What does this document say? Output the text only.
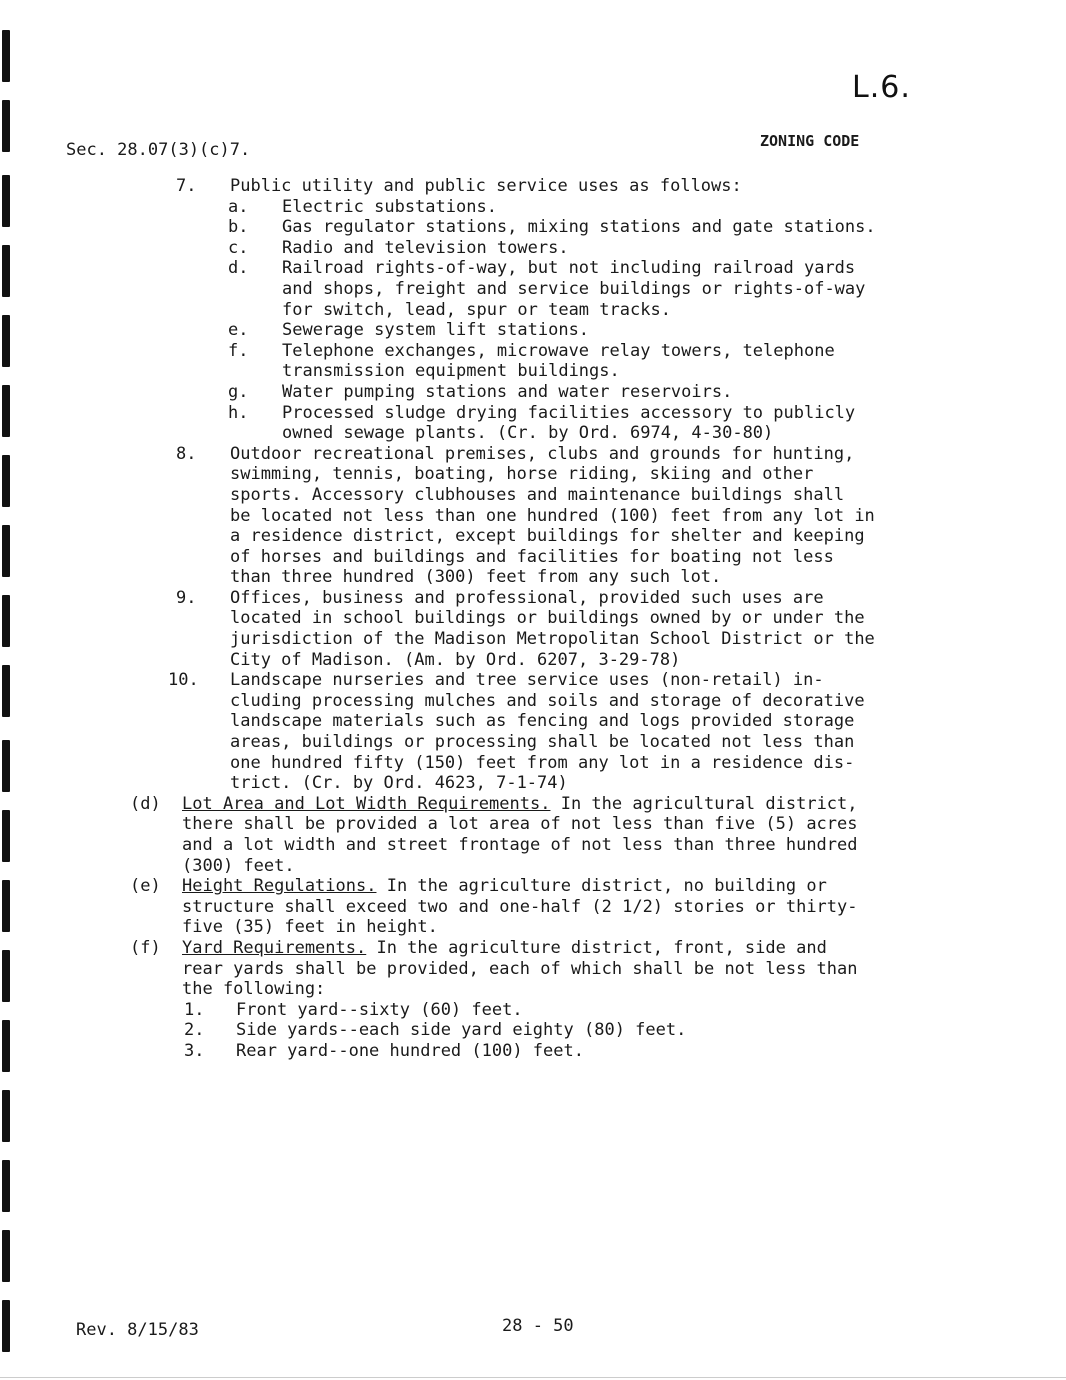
L.6.
Sec. 28.07(3)(c)7.	ZONING CODE
7. Public utility and public service uses as follows:
a. Electric substations.
b. Gas regulator stations, mixing stations and gate stations.
c. Radio and television towers.
d. Railroad rights-of-way, but not including railroad yards
and shops, freight and service buildings or rights-of-way
for switch, lead, spur or team tracks.
e. Sewerage system lift stations.
f. Telephone exchanges, microwave relay towers, telephone
transmission equipment buildings.
g. Water pumping stations and water reservoirs.
h. Processed sludge drying facilities accessory to publicly
owned sewage plants. (Cr. by Ord. 6974, 4-30-80)
8. Outdoor recreational premises, clubs and grounds for hunting,
swimming, tennis, boating, horse riding, skiing and other
sports. Accessory clubhouses and maintenance buildings shall
be located not less than one hundred (100) feet from any lot in
a residence district, except buildings for shelter and keeping
of horses and buildings and facilities for boating not less
than three hundred (300) feet from any such lot.
9. Offices, business and professional, provided such uses are
located in school buildings or buildings owned by or under the
jurisdiction of the Madison Metropolitan School District or the
City of Madison. (Am. by Ord. 6207, 3-29-78)
10. Landscape nurseries and tree service uses (non-retail) in-
cluding processing mulches and soils and storage of decorative
landscape materials such as fencing and logs provided storage
areas, buildings or processing shall be located not less than
one hundred fifty (150) feet from any lot in a residence dis-
trict. (Cr. by Ord. 4623, 7-1-74)
(d) Lot Area and Lot Width Requirements. In the agricultural district,
there shall be provided a lot area of not less than five (5) acres
and a lot width and street frontage of not less than three hundred
(300) feet.
(e) Height Regulations. In the agriculture district, no building or
structure shall exceed two and one-half (2 1/2) stories or thirty-
five (35) feet in height.
(f) Yard Requirements. In the agriculture district, front, side and
rear yards shall be provided, each of which shall be not less than
the following:
1. Front yard--sixty (60) feet.
2. Side yards--each side yard eighty (80) feet.
3. Rear yard--one hundred (100) feet.
Rev. 8/15/83	28 - 50
